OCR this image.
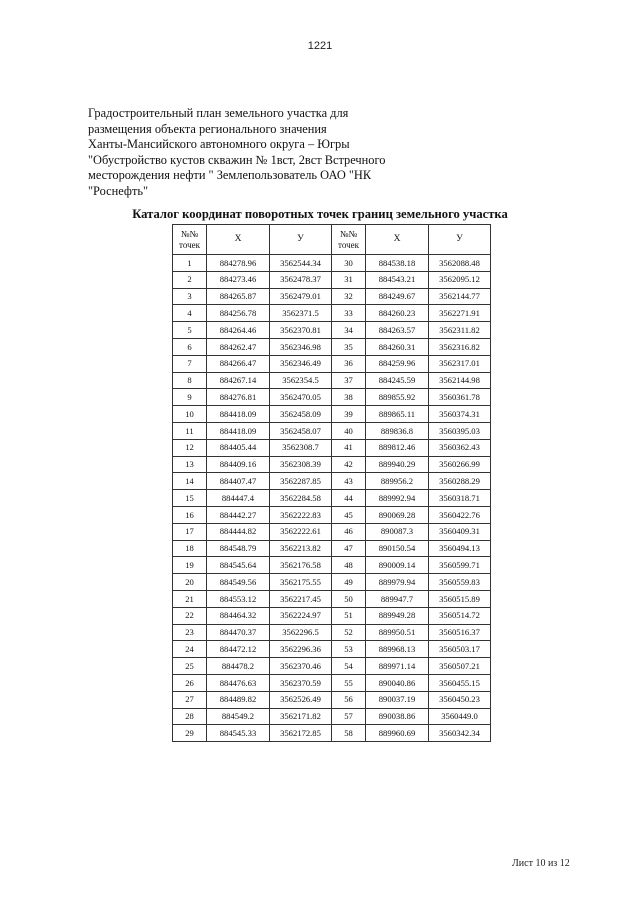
1221
Градостроительный план земельного участка для
размещения объекта регионального значения
Ханты-Мансийского автономного округа – Югры
"Обустройство кустов скважин № 1вст, 2вст Встречного
месторождения нефти " Землепользователь ОАО "НК
"Роснефть"
Каталог координат поворотных точек границ земельного участка
№№
точек	Х	У	№№
точек	Х	У
1	884278.96	3562544.34	30	884538.18	3562088.48
2	884273.46	3562478.37	31	884543.21	3562095.12
3	884265.87	3562479.01	32	884249.67	3562144.77
4	884256.78	3562371.5	33	884260.23	3562271.91
5	884264.46	3562370.81	34	884263.57	3562311.82
6	884262.47	3562346.98	35	884260.31	3562316.82
7	884266.47	3562346.49	36	884259.96	3562317.01
8	884267.14	3562354.5	37	884245.59	3562144.98
9	884276.81	3562470.05	38	889855.92	3560361.78
10	884418.09	3562458.09	39	889865.11	3560374.31
11	884418.09	3562458.07	40	889836.8	3560395.03
12	884405.44	3562308.7	41	889812.46	3560362.43
13	884409.16	3562308.39	42	889940.29	3560266.99
14	884407.47	3562287.85	43	889956.2	3560288.29
15	884447.4	3562284.58	44	889992.94	3560318.71
16	884442.27	3562222.83	45	890069.28	3560422.76
17	884444.82	3562222.61	46	890087.3	3560409.31
18	884548.79	3562213.82	47	890150.54	3560494.13
19	884545.64	3562176.58	48	890009.14	3560599.71
20	884549.56	3562175.55	49	889979.94	3560559.83
21	884553.12	3562217.45	50	889947.7	3560515.89
22	884464.32	3562224.97	51	889949.28	3560514.72
23	884470.37	3562296.5	52	889950.51	3560516.37
24	884472.12	3562296.36	53	889968.13	3560503.17
25	884478.2	3562370.46	54	889971.14	3560507.21
26	884476.63	3562370.59	55	890040.86	3560455.15
27	884489.82	3562526.49	56	890037.19	3560450.23
28	884549.2	3562171.82	57	890038.86	3560449.0
29	884545.33	3562172.85	58	889960.69	3560342.34
Лист 10 из 12
